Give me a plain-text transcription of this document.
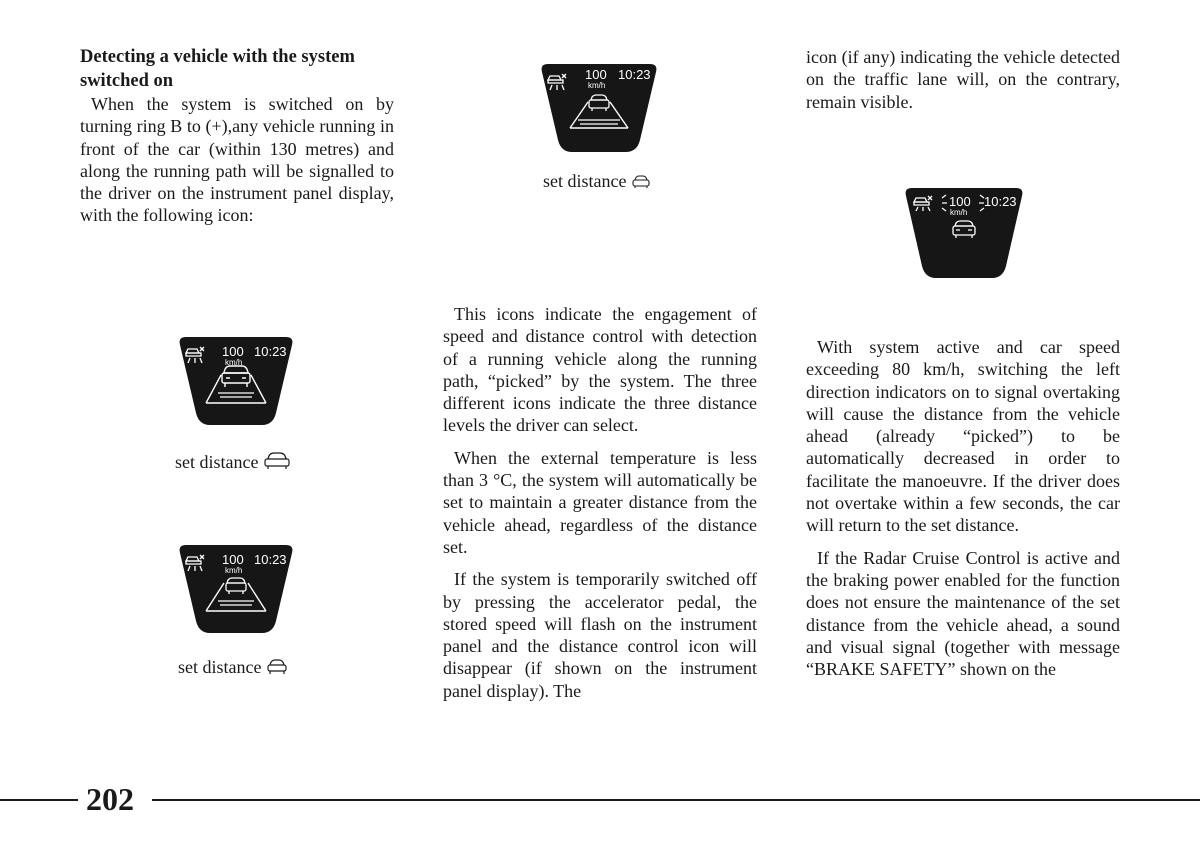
Detecting a vehicle with the system switched on

When the system is switched on by turning ring B to (+),any vehicle running in front of the car (within 130 metres) and along the running path will be signalled to the driver on the instrument panel display, with the following icon:

100
km/h
10:23
set distance
100
km/h
10:23
set distance
100
km/h
10:23
set distance

This icons indicate the engagement of speed and distance control with detection of a running vehicle along the running path, “picked” by the system. The three different icons indicate the three distance levels the driver can select.

When the external temperature is less than 3 °C, the system will automatically be set to maintain a greater distance from the vehicle ahead, regardless of the distance set.

If the system is temporarily switched off by pressing the accelerator pedal, the stored speed will flash on the instrument panel and the distance control icon will disappear (if shown on the instrument panel display). The

icon (if any) indicating the vehicle detected on the traffic lane will, on the contrary, remain visible.

100
km/h
10:23

With system active and car speed exceeding 80 km/h, switching the left direction indicators on to signal overtaking will cause the distance from the vehicle ahead (already “picked”) to be automatically decreased in order to facilitate the manoeuvre. If the driver does not overtake within a few seconds, the car will return to the set distance.

If the Radar Cruise Control is active and the braking power enabled for the function does not ensure the maintenance of the set distance from the vehicle ahead, a sound and visual signal (together with message “BRAKE SAFETY” shown on the

202
